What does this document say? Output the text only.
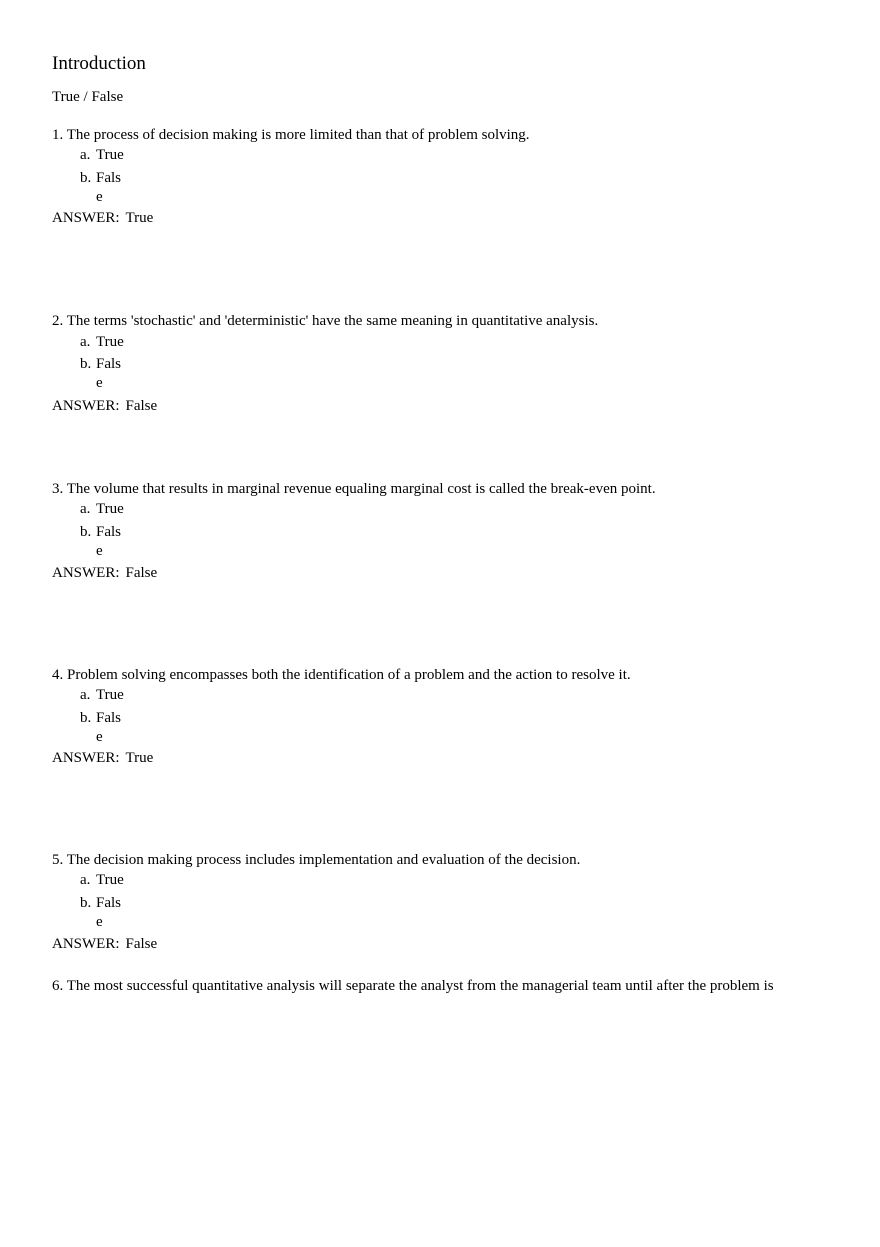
Introduction
True / False
1. The process of decision making is more limited than that of problem solving.
a. True
b. False
ANSWER: True
2. The terms 'stochastic' and 'deterministic' have the same meaning in quantitative analysis.
a. True
b. False
ANSWER: False
3. The volume that results in marginal revenue equaling marginal cost is called the break-even point.
a. True
b. False
ANSWER: False
4. Problem solving encompasses both the identification of a problem and the action to resolve it.
a. True
b. False
ANSWER: True
5. The decision making process includes implementation and evaluation of the decision.
a. True
b. False
ANSWER: False
6. The most successful quantitative analysis will separate the analyst from the managerial team until after the problem is
